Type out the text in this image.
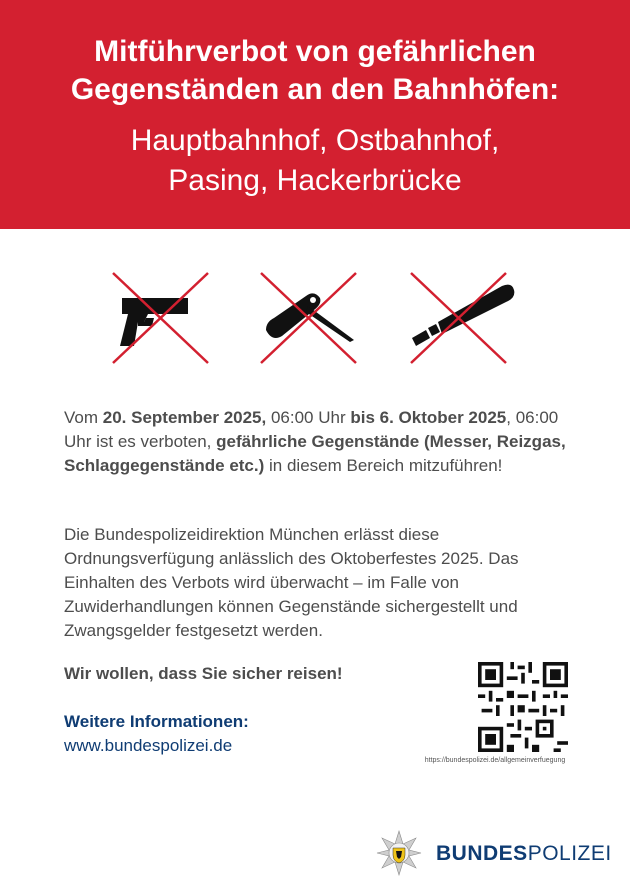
Mitführverbot von gefährlichen
Gegenständen an den Bahnhöfen:
Hauptbahnhof, Ostbahnhof,
Pasing, Hackerbrücke
Vom 20. September 2025, 06:00 Uhr bis 6. Oktober 2025, 06:00 Uhr ist es verboten, gefährliche Gegenstände (Messer, Reizgas, Schlaggegenstände etc.) in diesem Bereich mitzuführen!
Die Bundespolizeidirektion München erlässt diese Ordnungsverfügung anlässlich des Oktoberfestes 2025. Das Einhalten des Verbots wird überwacht – im Falle von Zuwiderhandlungen können Gegenstände sichergestellt und Zwangsgelder festgesetzt werden.
Wir wollen, dass Sie sicher reisen!
Weitere Informationen:
www.bundespolizei.de
https://bundespolizei.de/allgemeinverfuegung
BUNDESPOLIZEI
